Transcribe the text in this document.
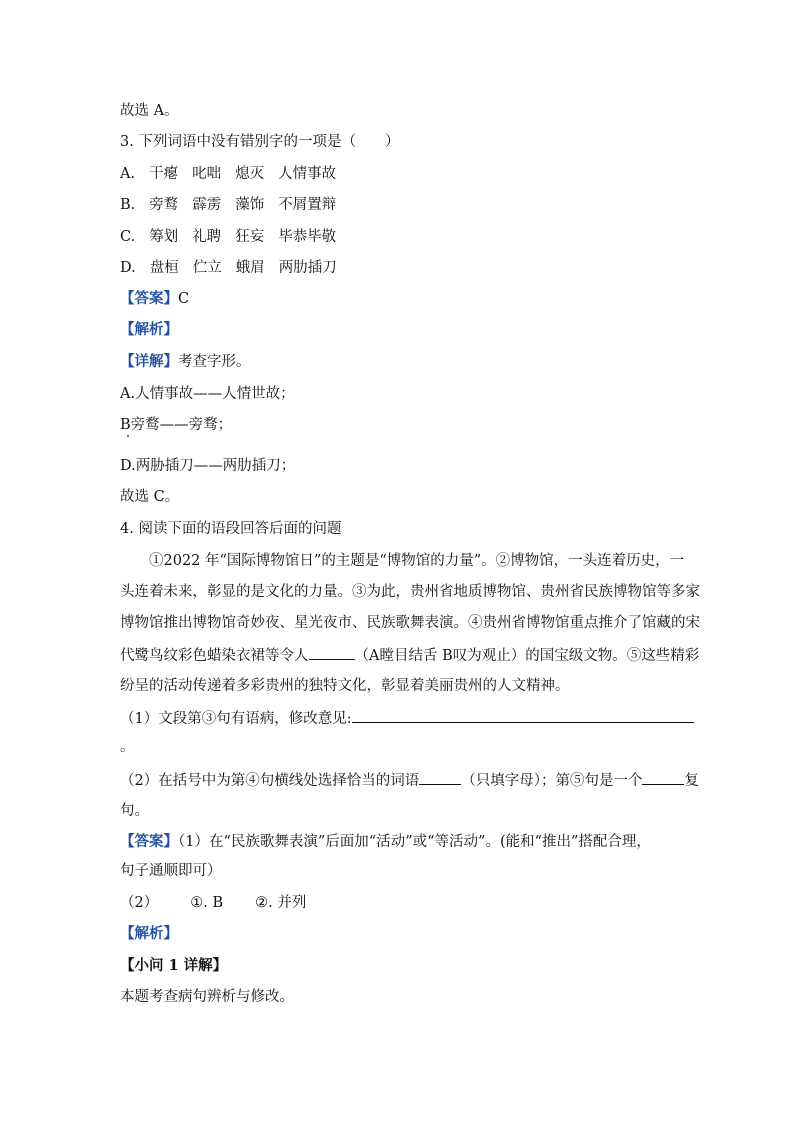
故选 A。
3. 下列词语中没有错别字的一项是（　　）
A. 干瘪 叱咄 熄灭 人情事故
B. 旁鹜 霹雳 藻饰 不屑置辩
C. 筹划 礼聘 狂妄 毕恭毕敬
D. 盘桓 伫立 蛾眉 两肋插刀
【答案】C
【解析】
【详解】考查字形。
A.人情事故——人情世故；
B旁鹜——旁骛；
D.两胁插刀——两肋插刀；
故选 C。
4. 阅读下面的语段回答后面的问题
①2022 年“国际博物馆日”的主题是“博物馆的力量”。②博物馆，一头连着历史，一
头连着未来，彰显的是文化的力量。③为此，贵州省地质博物馆、贵州省民族博物馆等多家
博物馆推出博物馆奇妙夜、星光夜市、民族歌舞表演。④贵州省博物馆重点推介了馆藏的宋
代鹭鸟纹彩色蜡染衣裙等令人	（A瞠目结舌 B叹为观止）的国宝级文物。⑤这些精彩
纷呈的活动传递着多彩贵州的独特文化，彰显着美丽贵州的人文精神。
（1）文段第③句有语病，修改意见:
。
（2）在括号中为第④句横线处选择恰当的词语	（只填字母）；第⑤句是一个	复
句。
【答案】（1）在“民族歌舞表演”后面加“活动”或“等活动”。(能和“推出”搭配合理，
句子通顺即可）
（2） ①. B ②. 并列
【解析】
【小问 1 详解】
本题考查病句辨析与修改。
